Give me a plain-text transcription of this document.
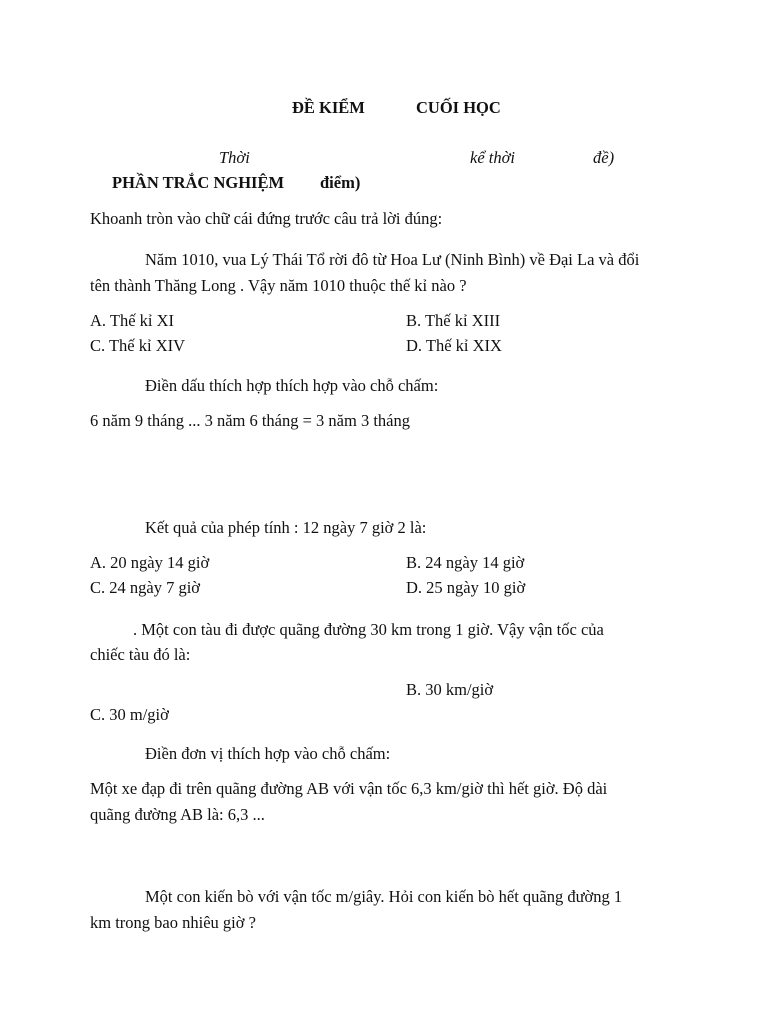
ĐỀ KIỂM	CUỐI HỌC
Thời	kể thời	đề)
PHẦN TRẮC NGHIỆM điểm)
Khoanh tròn vào chữ cái đứng trước câu trả lời đúng:
Năm 1010, vua Lý Thái Tổ rời đô từ Hoa Lư (Ninh Bình) về Đại La và đổi
tên thành Thăng Long . Vậy năm 1010 thuộc thế kỉ nào ?
A. Thế kỉ XI	B. Thế kỉ XIII
C. Thế kỉ XIV	D. Thế kỉ XIX
Điền dấu thích hợp thích hợp vào chỗ chấm:
6 năm 9 tháng ... 3 năm 6 tháng = 3 năm 3 tháng
Kết quả của phép tính : 12 ngày 7 giờ 2 là:
A. 20 ngày 14 giờ	B. 24 ngày 14 giờ
C. 24 ngày 7 giờ	D. 25 ngày 10 giờ
. Một con tàu đi được quãng đường 30 km trong 1 giờ. Vậy vận tốc của
chiếc tàu đó là:
B. 30 km/giờ
C. 30 m/giờ
Điền đơn vị thích hợp vào chỗ chấm:
Một xe đạp đi trên quãng đường AB với vận tốc 6,3 km/giờ thì hết giờ. Độ dài
quãng đường AB là: 6,3 ...
Một con kiến bò với vận tốc m/giây. Hỏi con kiến bò hết quãng đường 1
km trong bao nhiêu giờ ?
